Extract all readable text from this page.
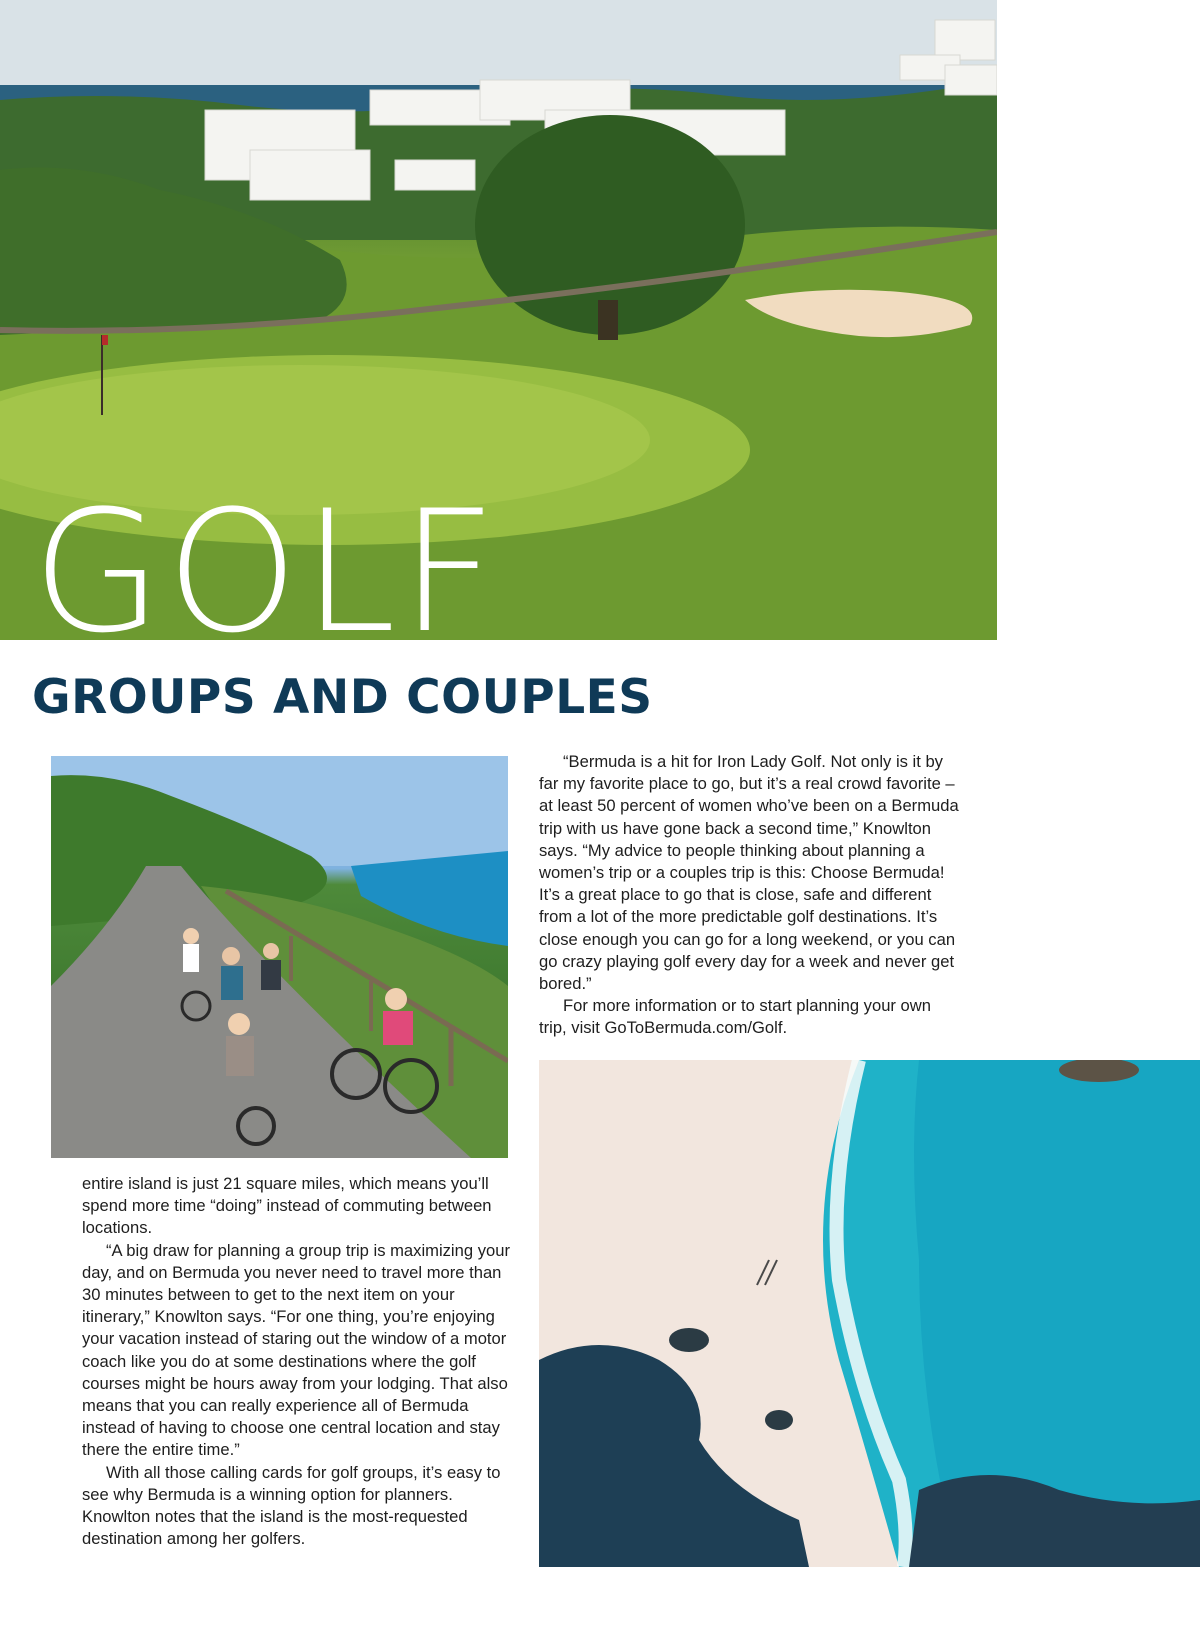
GOLF
GROUPS AND COUPLES

“Bermuda is a hit for Iron Lady Golf. Not only is it by far my favorite place to go, but it’s a real crowd favorite – at least 50 percent of women who’ve been on a Bermuda trip with us have gone back a second time,” Knowlton says. “My advice to people thinking about planning a women’s trip or a couples trip is this: Choose Bermuda! It’s a great place to go that is close, safe and different from a lot of the more predictable golf destinations. It’s close enough you can go for a long weekend, or you can go crazy playing golf every day for a week and never get bored.”

For more information or to start planning your own trip, visit GoToBermuda.com/Golf.

entire island is just 21 square miles, which means you’ll spend more time “doing” instead of commuting between locations.

“A big draw for planning a group trip is maximizing your day, and on Bermuda you never need to travel more than 30 minutes between to get to the next item on your itinerary,” Knowlton says. “For one thing, you’re enjoying your vacation instead of staring out the window of a motor coach like you do at some destinations where the golf courses might be hours away from your lodging. That also means that you can really experience all of Bermuda instead of having to choose one central location and stay there the entire time.”

With all those calling cards for golf groups, it’s easy to see why Bermuda is a winning option for planners. Knowlton notes that the island is the most-requested destination among her golfers.
